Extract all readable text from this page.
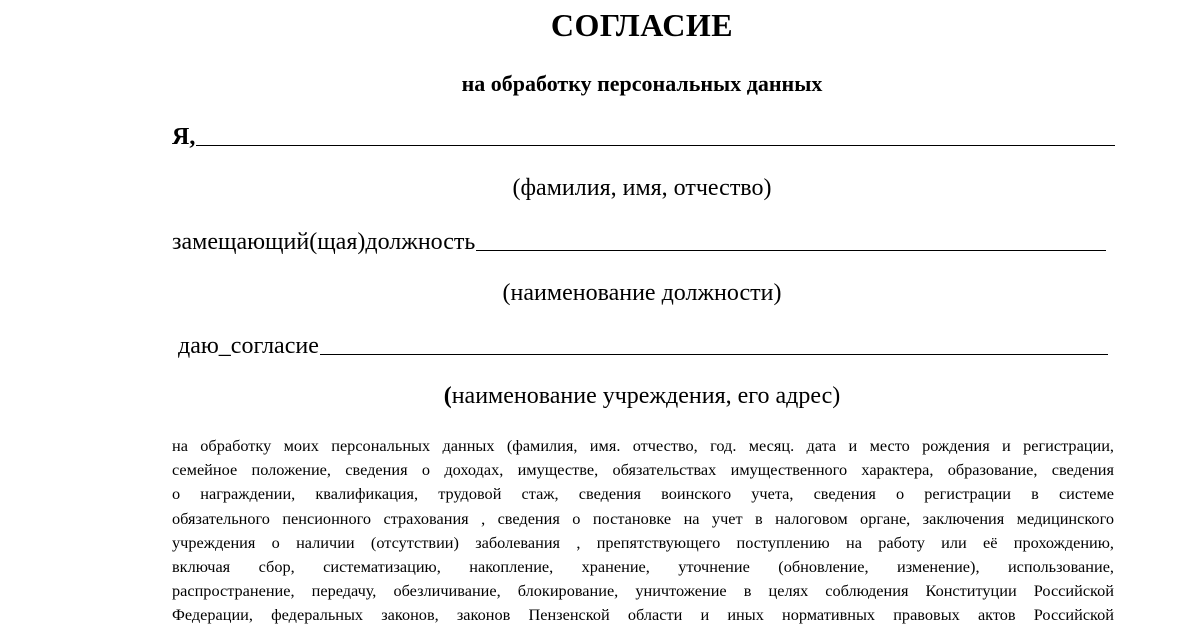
СОГЛАСИЕ
на обработку персональных данных
Я,
(фамилия, имя, отчество)
замещающий(щая)должность
(наименование должности)
даю_согласие
(наименование учреждения, его адрес)
на обработку моих персональных данных (фамилия, имя. отчество, год. месяц. дата и место рождения и регистрации,
семейное положение, сведения о доходах, имуществе, обязательствах имущественного характера, образование, сведения
о награждении, квалификация, трудовой стаж, сведения воинского учета, сведения о регистрации в системе
обязательного пенсионного страхования , сведения о постановке на учет в налоговом органе, заключения медицинского
учреждения о наличии (отсутствии) заболевания , препятствующего поступлению на работу или её прохождению,
включая сбор, систематизацию, накопление, хранение, уточнение (обновление, изменение), использование,
распространение, передачу, обезличивание, блокирование, уничтожение в целях соблюдения Конституции Российской
Федерации, федеральных законов, законов Пензенской области и иных нормативных правовых актов Российской
